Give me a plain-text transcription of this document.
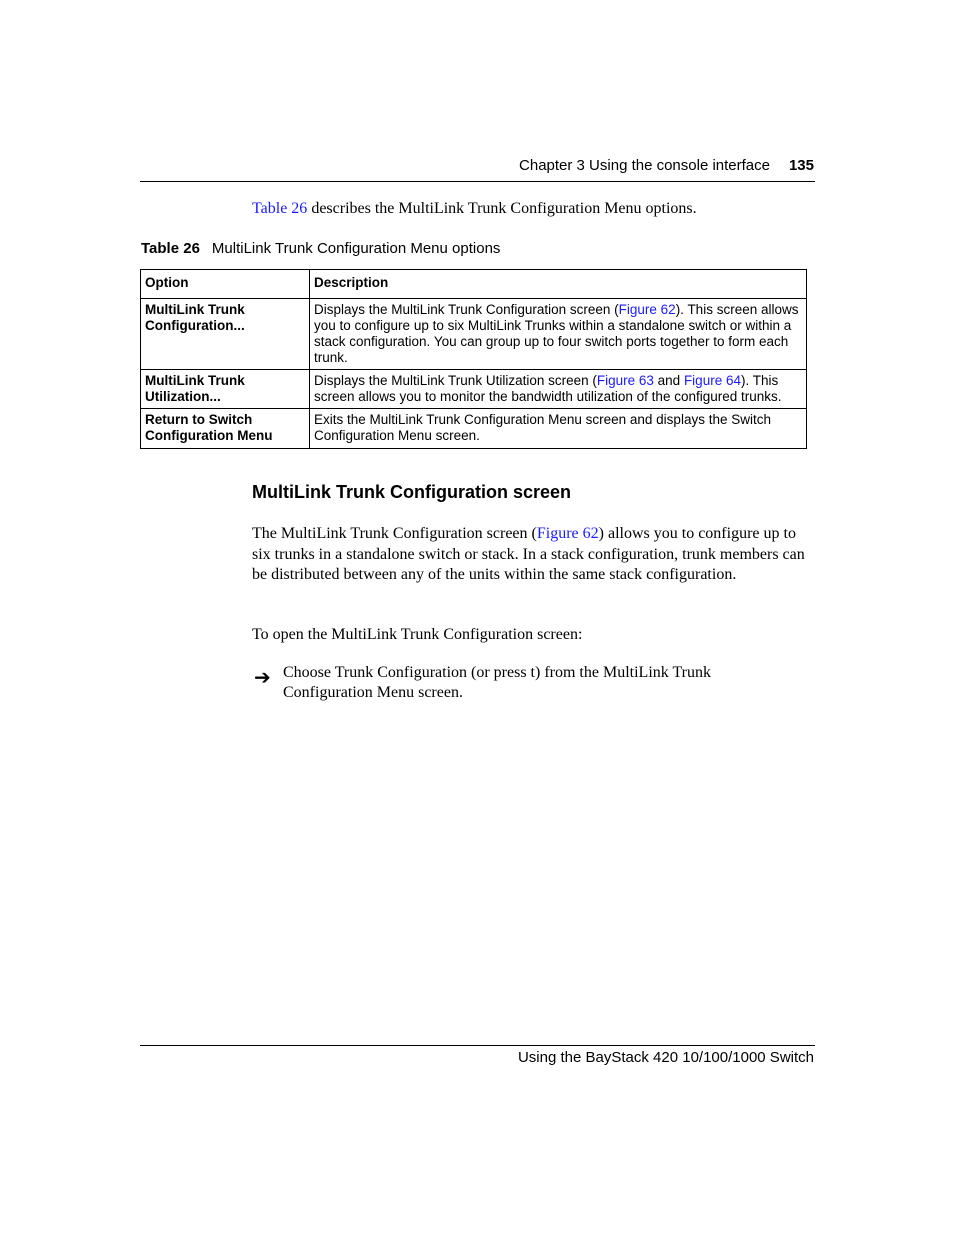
Chapter 3 Using the console interface 135
Table 26 describes the MultiLink Trunk Configuration Menu options.
Table 26 MultiLink Trunk Configuration Menu options
Option	Description
MultiLink Trunk Configuration...	Displays the MultiLink Trunk Configuration screen (Figure 62). This screen allows you to configure up to six MultiLink Trunks within a standalone switch or within a stack configuration. You can group up to four switch ports together to form each trunk.
MultiLink Trunk Utilization...	Displays the MultiLink Trunk Utilization screen (Figure 63 and Figure 64). This screen allows you to monitor the bandwidth utilization of the configured trunks.
Return to Switch Configuration Menu	Exits the MultiLink Trunk Configuration Menu screen and displays the Switch Configuration Menu screen.
MultiLink Trunk Configuration screen
The MultiLink Trunk Configuration screen (Figure 62) allows you to configure up to six trunks in a standalone switch or stack. In a stack configuration, trunk members can be distributed between any of the units within the same stack configuration.
To open the MultiLink Trunk Configuration screen:
➔ Choose Trunk Configuration (or press t) from the MultiLink Trunk Configuration Menu screen.
Using the BayStack 420 10/100/1000 Switch
